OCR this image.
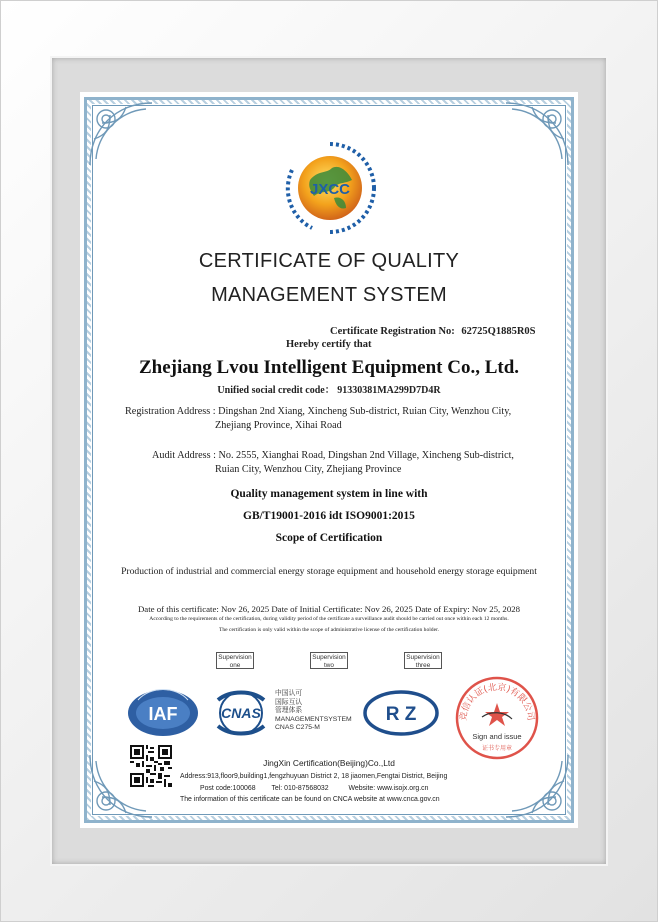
JXCC
CERTIFICATE OF QUALITY
MANAGEMENT SYSTEM
Certificate Registration No: 62725Q1885R0S
Hereby certify that
Zhejiang Lvou Intelligent Equipment Co., Ltd.
Unified social credit code： 91330381MA299D7D4R
Registration Address : Dingshan 2nd Xiang, Xincheng Sub-district, Ruian City, Wenzhou City,
Zhejiang Province, Xihai Road
Audit Address : No. 2555, Xianghai Road, Dingshan 2nd Village, Xincheng Sub-district,
Ruian City, Wenzhou City, Zhejiang Province
Quality management system in line with
GB/T19001-2016 idt ISO9001:2015
Scope of Certification
Production of industrial and commercial energy storage equipment and household energy storage equipment
Date of this certificate: Nov 26, 2025 Date of Initial Certificate: Nov 26, 2025 Date of Expiry: Nov 25, 2028
According to the requirements of the certification, during validity period of the certificate a surveillance audit should be carried out once within each 12 months.
The certification is only valid within the scope of administrative license of the certification holder.
Supervision
one
Supervision
two
Supervision
three
IAF	CNAS
中国认可
国际互认
管理体系
MANAGEMENTSYSTEM
CNAS C275-M
R Z	竞信认证(北京)有限公司
Sign and issue
证书专用章
JingXin Certification(Beijing)Co.,Ltd
Address:913,floor9,building1,fengzhuyuan District 2, 18 jiaomen,Fengtai District, Beijing
Post code:100068 Tel: 010-87568032	Website: www.isojx.org.cn
The information of this certificate can be found on CNCA website at www.cnca.gov.cn
